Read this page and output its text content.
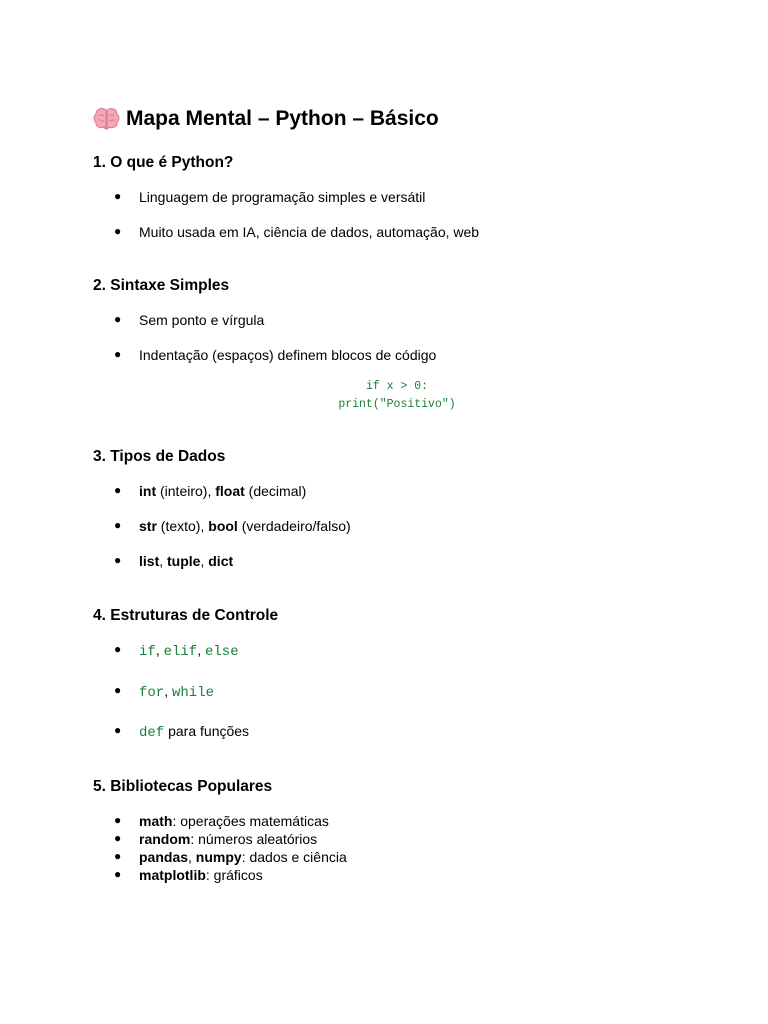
Mapa Mental – Python – Básico
1. O que é Python?
● Linguagem de programação simples e versátil
● Muito usada em IA, ciência de dados, automação, web
2. Sintaxe Simples
● Sem ponto e vírgula
● Indentação (espaços) definem blocos de código
if x > 0:
print("Positivo")
3. Tipos de Dados
● int (inteiro), float (decimal)
● str (texto), bool (verdadeiro/falso)
● list, tuple, dict
4. Estruturas de Controle
● if, elif, else
● for, while
● def para funções
5. Bibliotecas Populares
● math: operações matemáticas
● random: números aleatórios
● pandas, numpy: dados e ciência
● matplotlib: gráficos
